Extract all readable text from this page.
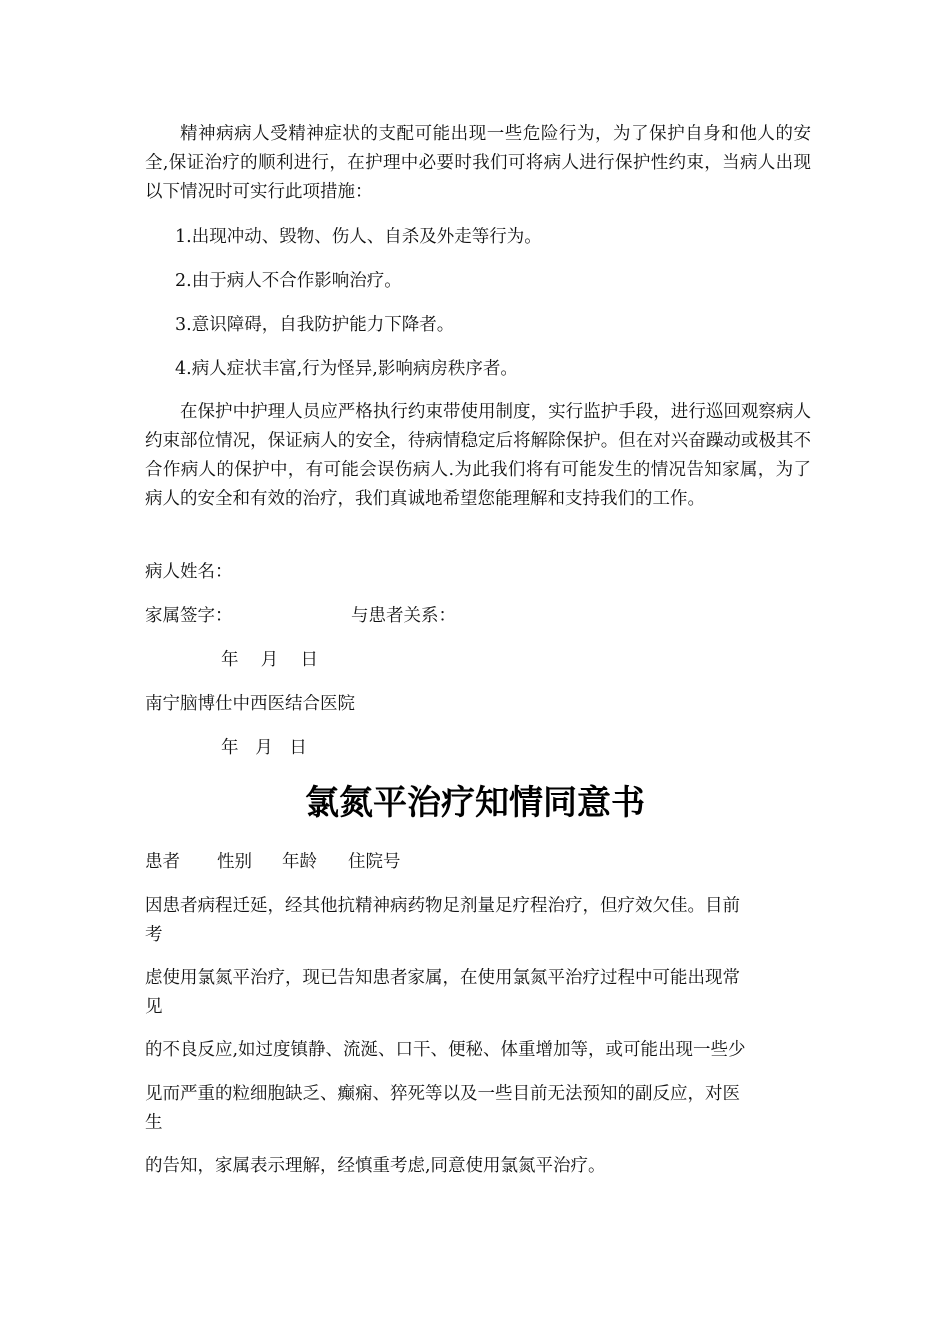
精神病病人受精神症状的支配可能出现一些危险行为，为了保护自身和他人的安全,保证治疗的顺利进行，在护理中必要时我们可将病人进行保护性约束，当病人出现以下情况时可实行此项措施：

1.出现冲动、毁物、伤人、自杀及外走等行为。

2.由于病人不合作影响治疗。

3.意识障碍，自我防护能力下降者。

4.病人症状丰富,行为怪异,影响病房秩序者。

在保护中护理人员应严格执行约束带使用制度，实行监护手段，进行巡回观察病人约束部位情况，保证病人的安全，待病情稳定后将解除保护。但在对兴奋躁动或极其不合作病人的保护中，有可能会误伤病人.为此我们将有可能发生的情况告知家属，为了病人的安全和有效的治疗，我们真诚地希望您能理解和支持我们的工作。

病人姓名：

家属签字：	与患者关系：

年    月    日

南宁脑博仕中西医结合医院

年   月   日

氯氮平治疗知情同意书
患者 性别 年龄 住院号

因患者病程迁延，经其他抗精神病药物足剂量足疗程治疗，但疗效欠佳。目前

考

虑使用氯氮平治疗，现已告知患者家属，在使用氯氮平治疗过程中可能出现常

见

的不良反应,如过度镇静、流涎、口干、便秘、体重增加等，或可能出现一些少

见而严重的粒细胞缺乏、癫痫、猝死等以及一些目前无法预知的副反应，对医

生

的告知，家属表示理解，经慎重考虑,同意使用氯氮平治疗。
